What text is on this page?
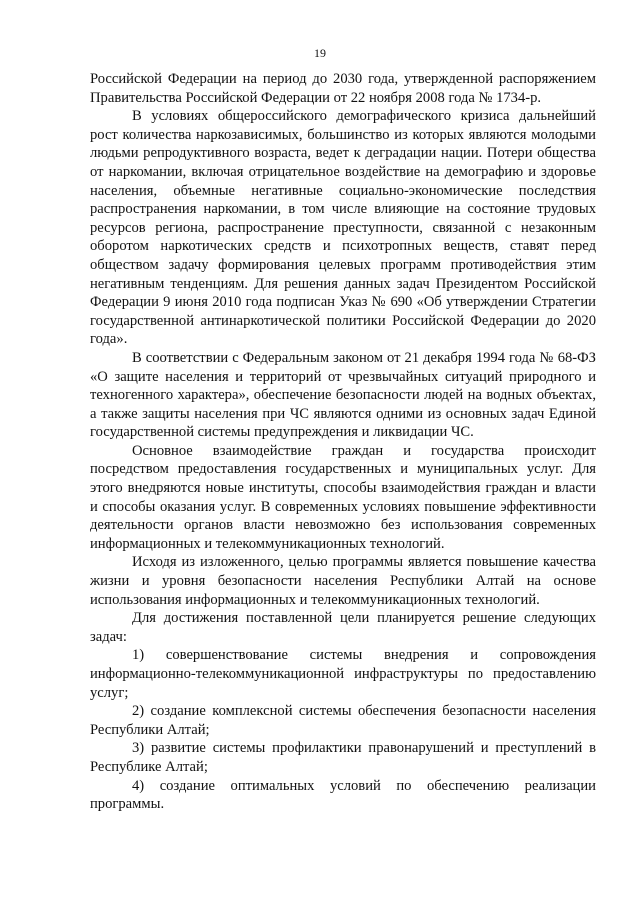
19

Российской Федерации на период до 2030 года, утвержденной распоряжением Правительства Российской Федерации от 22 ноября 2008 года № 1734-р.

В условиях общероссийского демографического кризиса дальнейший рост количества наркозависимых, большинство из которых являются молодыми людьми репродуктивного возраста, ведет к деградации нации. Потери общества от наркомании, включая отрицательное воздействие на демографию и здоровье населения, объемные негативные социально-экономические последствия распространения наркомании, в том числе влияющие на состояние трудовых ресурсов региона, распространение преступности, связанной с незаконным оборотом наркотических средств и психотропных веществ, ставят перед обществом задачу формирования целевых программ противодействия этим негативным тенденциям. Для решения данных задач Президентом Российской Федерации 9 июня 2010 года подписан Указ № 690 «Об утверждении Стратегии государственной антинаркотической политики Российской Федерации до 2020 года».

В соответствии с Федеральным законом от 21 декабря 1994 года № 68-ФЗ «О защите населения и территорий от чрезвычайных ситуаций природного и техногенного характера», обеспечение безопасности людей на водных объектах, а также защиты населения при ЧС являются одними из основных задач Единой государственной системы предупреждения и ликвидации ЧС.

Основное взаимодействие граждан и государства происходит посредством предоставления государственных и муниципальных услуг. Для этого внедряются новые институты, способы взаимодействия граждан и власти и способы оказания услуг. В современных условиях повышение эффективности деятельности органов власти невозможно без использования современных информационных и телекоммуникационных технологий.

Исходя из изложенного, целью программы является повышение качества жизни и уровня безопасности населения Республики Алтай на основе использования информационных и телекоммуникационных технологий.

Для достижения поставленной цели планируется решение следующих задач:

1) совершенствование системы внедрения и сопровождения информационно-телекоммуникационной инфраструктуры по предоставлению услуг;

2) создание комплексной системы обеспечения безопасности населения Республики Алтай;

3) развитие системы профилактики правонарушений и преступлений в Республике Алтай;

4) создание оптимальных условий по обеспечению реализации программы.
